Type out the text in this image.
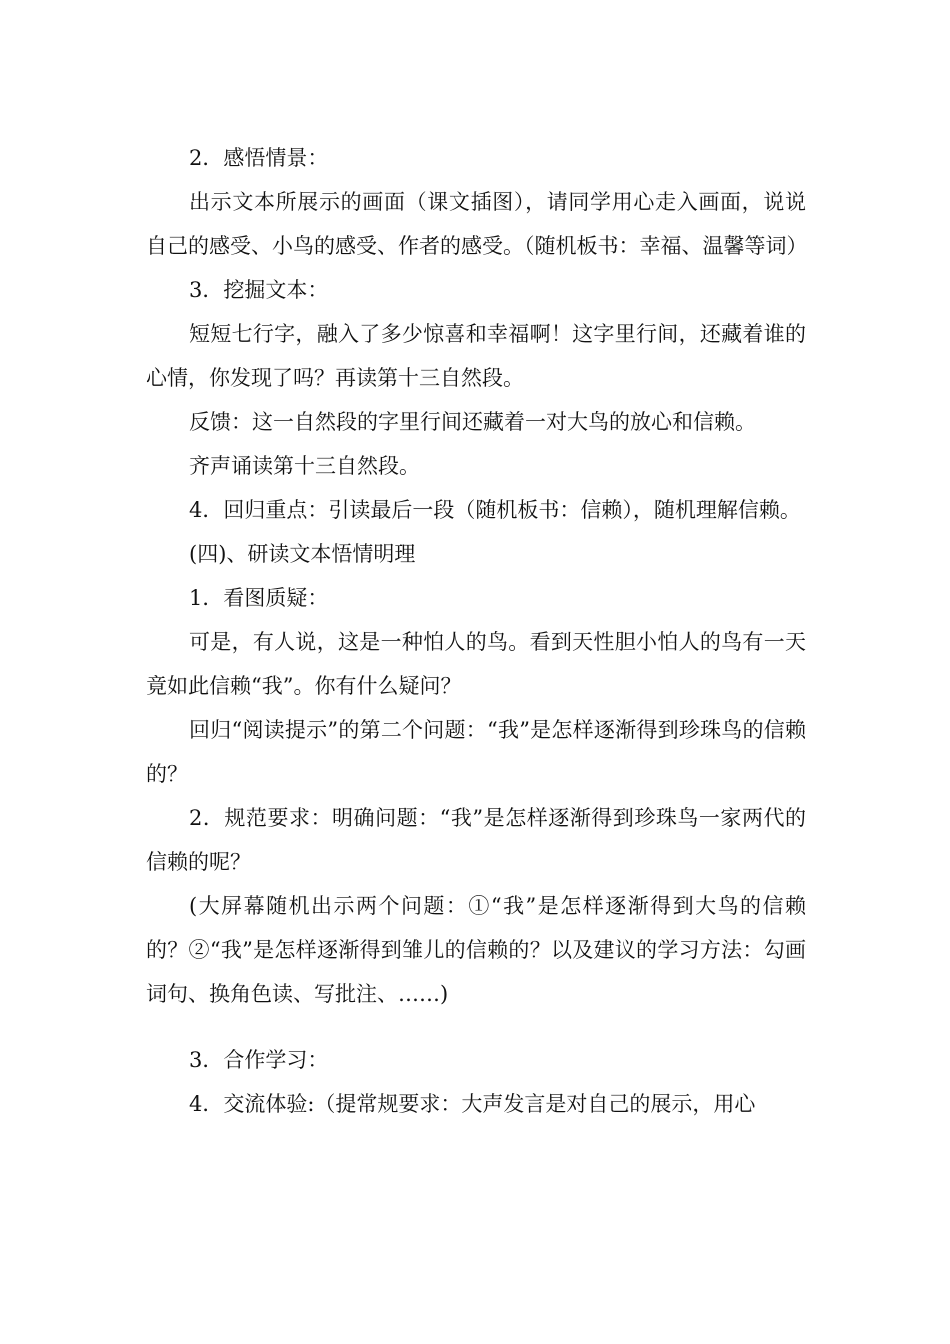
2．感悟情景：

出示文本所展示的画面（课文插图），请同学用心走入画面，说说自己的感受、小鸟的感受、作者的感受。（随机板书：幸福、温馨等词）

3．挖掘文本：

短短七行字，融入了多少惊喜和幸福啊！这字里行间，还藏着谁的心情，你发现了吗？再读第十三自然段。

反馈：这一自然段的字里行间还藏着一对大鸟的放心和信赖。

齐声诵读第十三自然段。

4．回归重点：引读最后一段（随机板书：信赖），随机理解信赖。

(四)、研读文本悟情明理

1．看图质疑：

可是，有人说，这是一种怕人的鸟。看到天性胆小怕人的鸟有一天竟如此信赖“我”。你有什么疑问？

回归“阅读提示”的第二个问题：“我”是怎样逐渐得到珍珠鸟的信赖的？

2．规范要求：明确问题：“我”是怎样逐渐得到珍珠鸟一家两代的信赖的呢？

(大屏幕随机出示两个问题：①“我”是怎样逐渐得到大鸟的信赖的？②“我”是怎样逐渐得到雏儿的信赖的？以及建议的学习方法：勾画词句、换角色读、写批注、……)

3．合作学习：

4．交流体验:（提常规要求：大声发言是对自己的展示，用心
